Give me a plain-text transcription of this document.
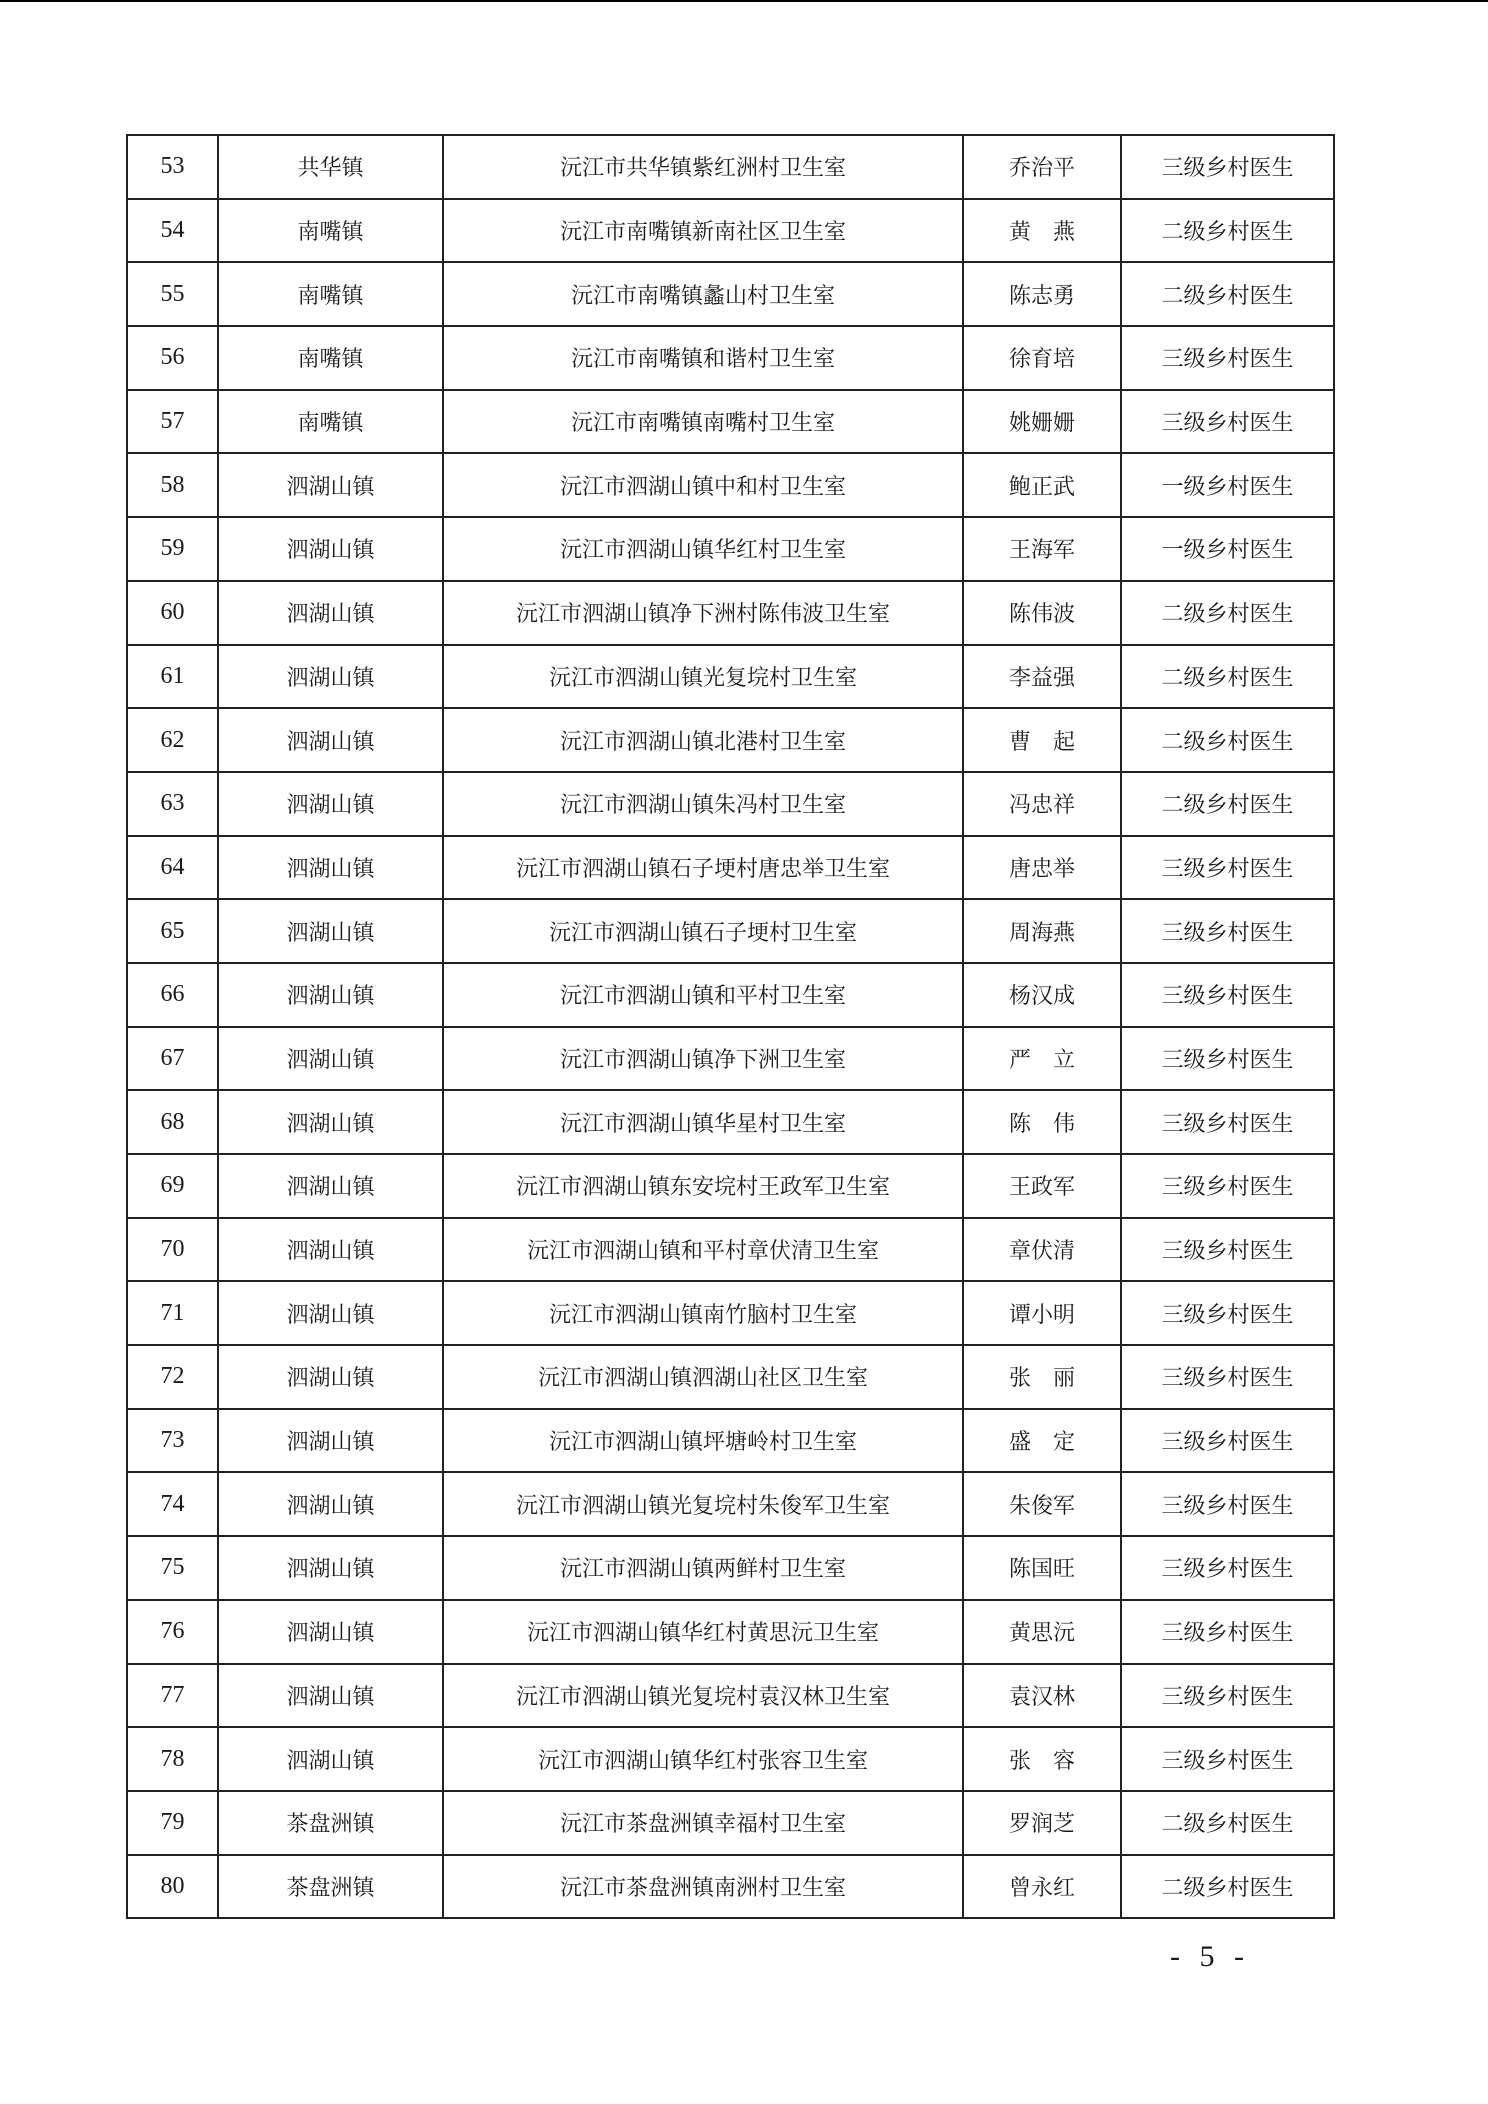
53	共华镇	沅江市共华镇紫红洲村卫生室	乔治平	三级乡村医生
54	南嘴镇	沅江市南嘴镇新南社区卫生室	黄　燕	二级乡村医生
55	南嘴镇	沅江市南嘴镇蠡山村卫生室	陈志勇	二级乡村医生
56	南嘴镇	沅江市南嘴镇和谐村卫生室	徐育培	三级乡村医生
57	南嘴镇	沅江市南嘴镇南嘴村卫生室	姚姗姗	三级乡村医生
58	泗湖山镇	沅江市泗湖山镇中和村卫生室	鲍正武	一级乡村医生
59	泗湖山镇	沅江市泗湖山镇华红村卫生室	王海军	一级乡村医生
60	泗湖山镇	沅江市泗湖山镇净下洲村陈伟波卫生室	陈伟波	二级乡村医生
61	泗湖山镇	沅江市泗湖山镇光复垸村卫生室	李益强	二级乡村医生
62	泗湖山镇	沅江市泗湖山镇北港村卫生室	曹　起	二级乡村医生
63	泗湖山镇	沅江市泗湖山镇朱冯村卫生室	冯忠祥	二级乡村医生
64	泗湖山镇	沅江市泗湖山镇石子埂村唐忠举卫生室	唐忠举	三级乡村医生
65	泗湖山镇	沅江市泗湖山镇石子埂村卫生室	周海燕	三级乡村医生
66	泗湖山镇	沅江市泗湖山镇和平村卫生室	杨汉成	三级乡村医生
67	泗湖山镇	沅江市泗湖山镇净下洲卫生室	严　立	三级乡村医生
68	泗湖山镇	沅江市泗湖山镇华星村卫生室	陈　伟	三级乡村医生
69	泗湖山镇	沅江市泗湖山镇东安垸村王政军卫生室	王政军	三级乡村医生
70	泗湖山镇	沅江市泗湖山镇和平村章伏清卫生室	章伏清	三级乡村医生
71	泗湖山镇	沅江市泗湖山镇南竹脑村卫生室	谭小明	三级乡村医生
72	泗湖山镇	沅江市泗湖山镇泗湖山社区卫生室	张　丽	三级乡村医生
73	泗湖山镇	沅江市泗湖山镇坪塘岭村卫生室	盛　定	三级乡村医生
74	泗湖山镇	沅江市泗湖山镇光复垸村朱俊军卫生室	朱俊军	三级乡村医生
75	泗湖山镇	沅江市泗湖山镇两鲜村卫生室	陈国旺	三级乡村医生
76	泗湖山镇	沅江市泗湖山镇华红村黄思沅卫生室	黄思沅	三级乡村医生
77	泗湖山镇	沅江市泗湖山镇光复垸村袁汉林卫生室	袁汉林	三级乡村医生
78	泗湖山镇	沅江市泗湖山镇华红村张容卫生室	张　容	三级乡村医生
79	茶盘洲镇	沅江市茶盘洲镇幸福村卫生室	罗润芝	二级乡村医生
80	茶盘洲镇	沅江市茶盘洲镇南洲村卫生室	曾永红	二级乡村医生
- 5 -
